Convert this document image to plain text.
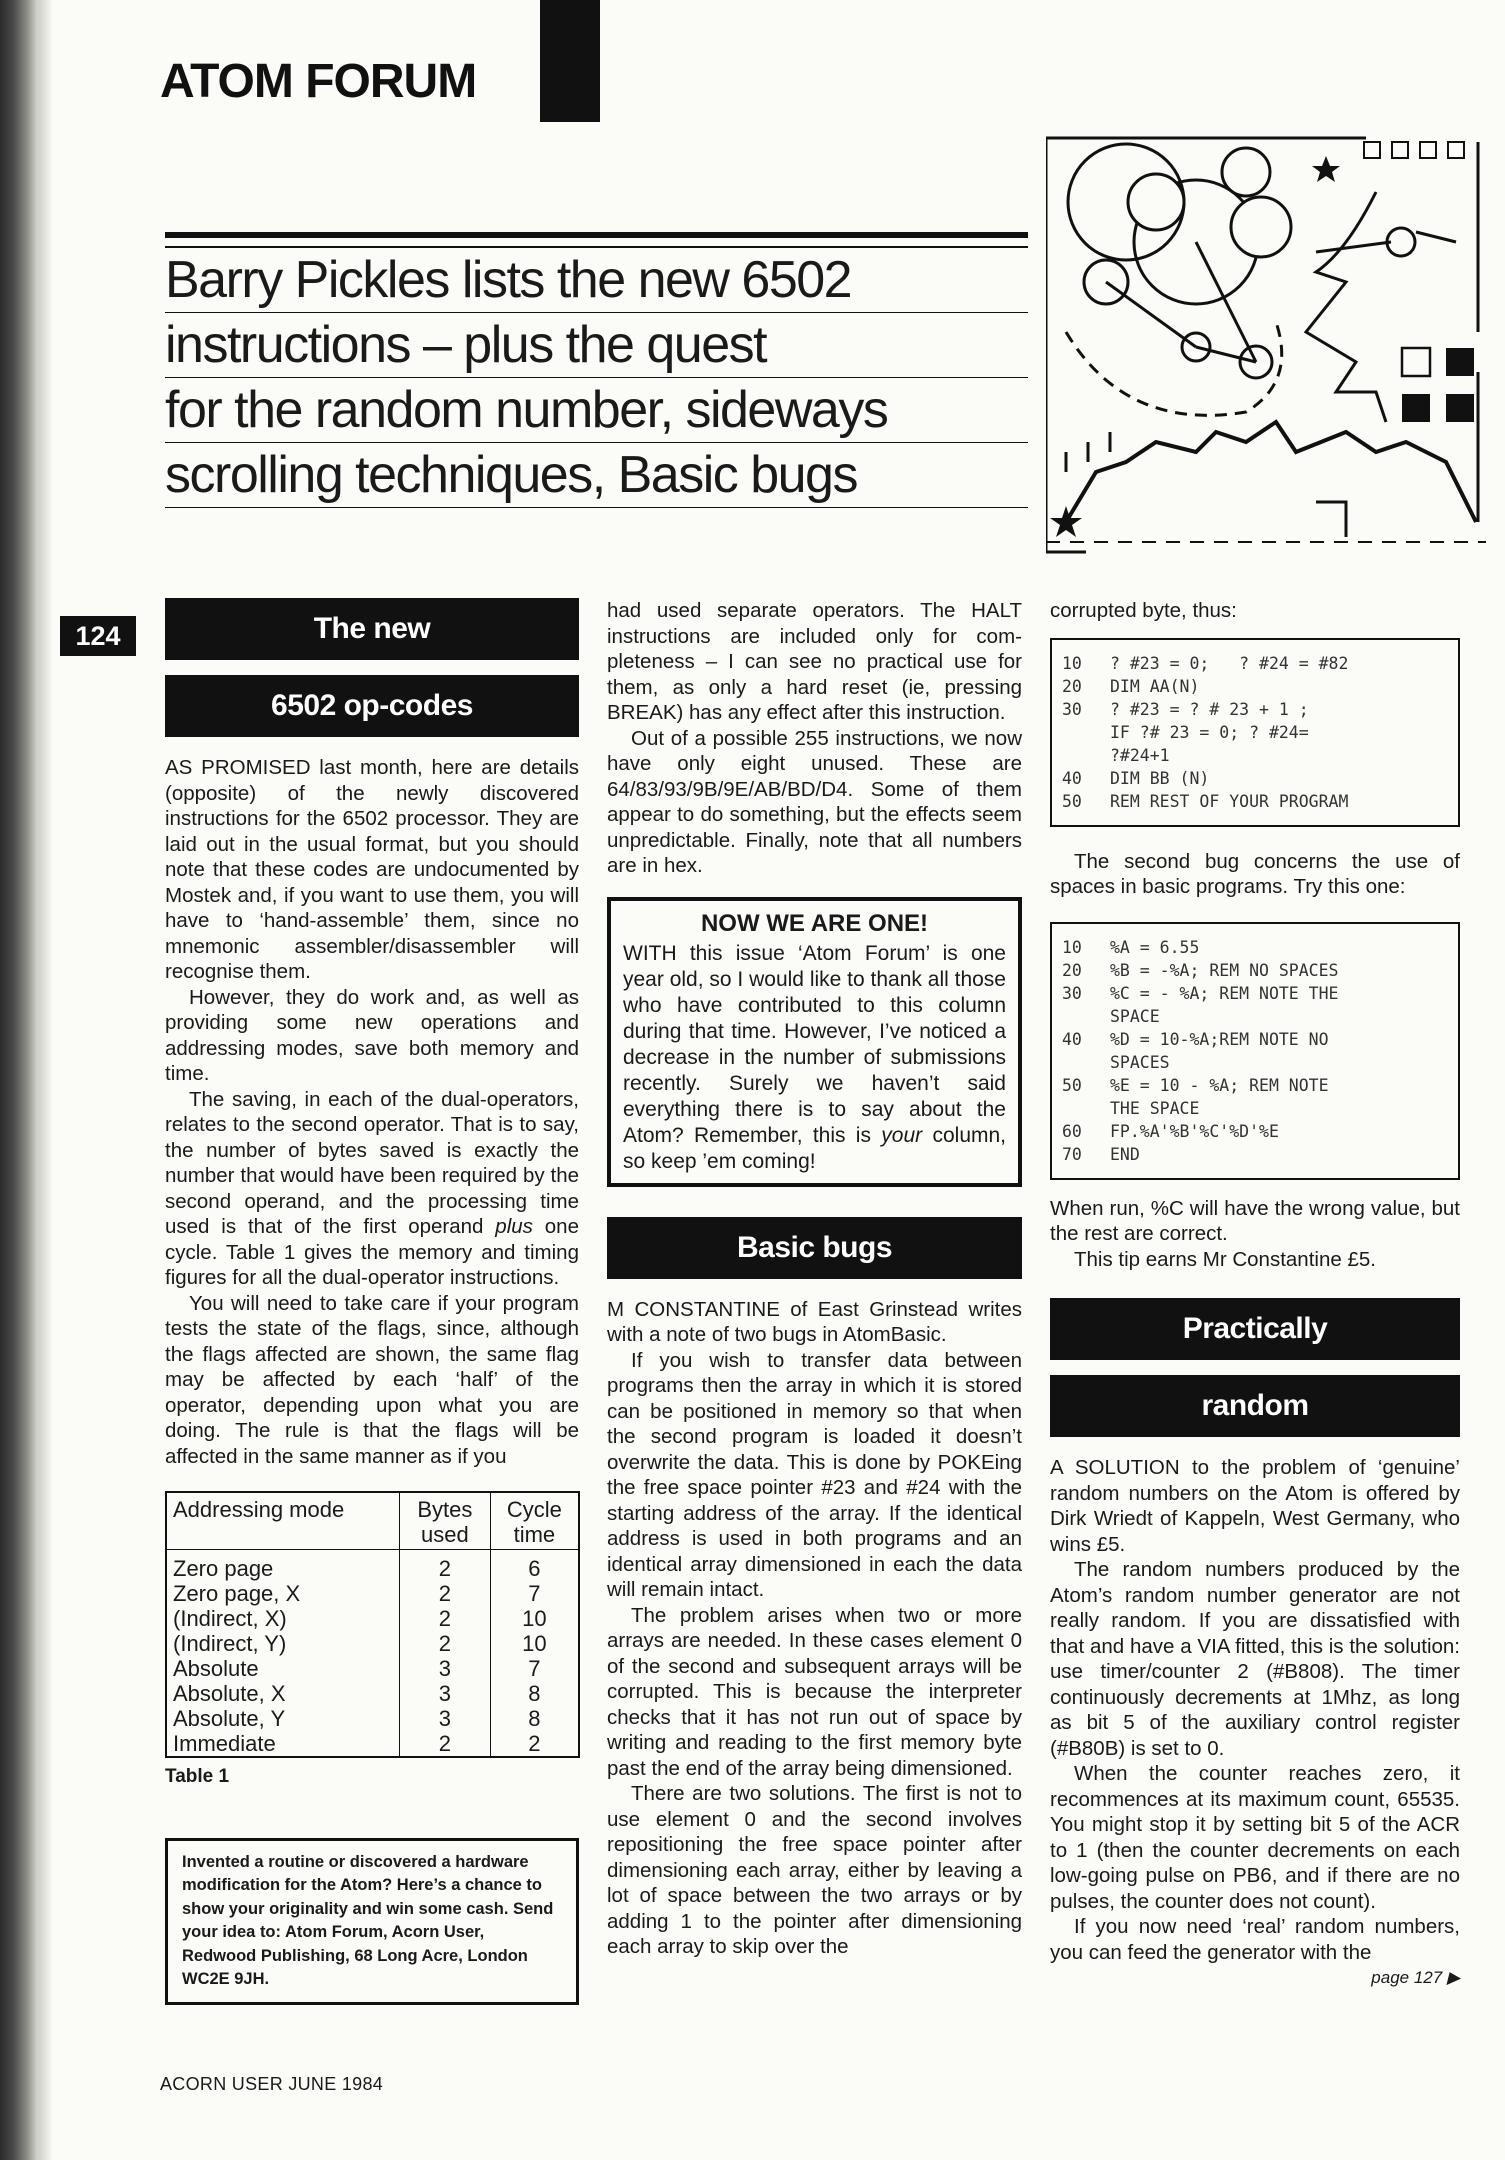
ATOM FORUM
124
Barry Pickles lists the new 6502
instructions – plus the quest
for the random number, sideways
scrolling techniques, Basic bugs
The new
6502 op-codes

AS PROMISED last month, here are details (opposite) of the newly discovered instructions for the 6502 processor. They are laid out in the usual format, but you should note that these codes are undocumented by Mostek and, if you want to use them, you will have to ‘hand-assemble’ them, since no mnemonic assembler/disassembler will recognise them.

However, they do work and, as well as providing some new operations and addressing modes, save both memory and time.

The saving, in each of the dual-operators, relates to the second operator. That is to say, the number of bytes saved is exactly the number that would have been required by the second operand, and the processing time used is that of the first operand plus one cycle. Table 1 gives the memory and timing figures for all the dual-operator instructions.

You will need to take care if your program tests the state of the flags, since, although the flags affected are shown, the same flag may be affected by each ‘half’ of the operator, depending upon what you are doing. The rule is that the flags will be affected in the same manner as if you

Addressing mode	Bytes used	Cycle time
Zero page	2	6
Zero page, X	2	7
(Indirect, X)	2	10
(Indirect, Y)	2	10
Absolute	3	7
Absolute, X	3	8
Absolute, Y	3	8
Immediate	2	2
Table 1
Invented a routine or discovered a hardware modification for the Atom? Here’s a chance to show your originality and win some cash. Send your idea to: Atom Forum, Acorn User, Redwood Publishing, 68 Long Acre, London WC2E 9JH.

had used separate operators. The HALT instructions are included only for completeness – I can see no practical use for them, as only a hard reset (ie, pressing BREAK) has any effect after this instruction.

Out of a possible 255 instructions, we now have only eight unused. These are 64/83/93/9B/9E/AB/BD/D4. Some of them appear to do something, but the effects seem unpredictable. Finally, note that all numbers are in hex.

NOW WE ARE ONE!
WITH this issue ‘Atom Forum’ is one year old, so I would like to thank all those who have contributed to this column during that time. However, I’ve noticed a decrease in the number of submissions recently. Surely we haven’t said everything there is to say about the Atom? Remember, this is your column, so keep ’em coming!
Basic bugs

M CONSTANTINE of East Grinstead writes with a note of two bugs in AtomBasic.

If you wish to transfer data between programs then the array in which it is stored can be positioned in memory so that when the second program is loaded it doesn’t overwrite the data. This is done by POKEing the free space pointer #23 and #24 with the starting address of the array. If the identical address is used in both programs and an identical array dimensioned in each the data will remain intact.

The problem arises when two or more arrays are needed. In these cases element 0 of the second and subsequent arrays will be corrupted. This is because the interpreter checks that it has not run out of space by writing and reading to the first memory byte past the end of the array being dimensioned.

There are two solutions. The first is not to use element 0 and the second involves repositioning the free space pointer after dimensioning each array, either by leaving a lot of space between the two arrays or by adding 1 to the pointer after dimensioning each array to skip over the

corrupted byte, thus:

10	? #23 = 0;   ? #24 = #82
20	DIM AA(N)
30	? #23 = ? # 23 + 1 ;
IF ?# 23 = 0; ? #24=
?#24+1
40	DIM BB (N)
50	REM REST OF YOUR PROGRAM

The second bug concerns the use of spaces in basic programs. Try this one:

10	%A = 6.55
20	%B = -%A; REM NO SPACES
30	%C = - %A; REM NOTE THE
SPACE
40	%D = 10-%A;REM NOTE NO
SPACES
50	%E = 10 - %A; REM NOTE
THE SPACE
60	FP.%A'%B'%C'%D'%E
70	END

When run, %C will have the wrong value, but the rest are correct.

This tip earns Mr Constantine £5.

Practically
random

A SOLUTION to the problem of ‘genuine’ random numbers on the Atom is offered by Dirk Wriedt of Kappeln, West Germany, who wins £5.

The random numbers produced by the Atom’s random number generator are not really random. If you are dissatisfied with that and have a VIA fitted, this is the solution: use timer/counter 2 (#B808). The timer continuously decrements at 1Mhz, as long as bit 5 of the auxiliary control register (#B80B) is set to 0.

When the counter reaches zero, it recommences at its maximum count, 65535. You might stop it by setting bit 5 of the ACR to 1 (then the counter decrements on each low-going pulse on PB6, and if there are no pulses, the counter does not count).

If you now need ‘real’ random numbers, you can feed the generator with the

page 127 ▶
ACORN USER JUNE 1984
